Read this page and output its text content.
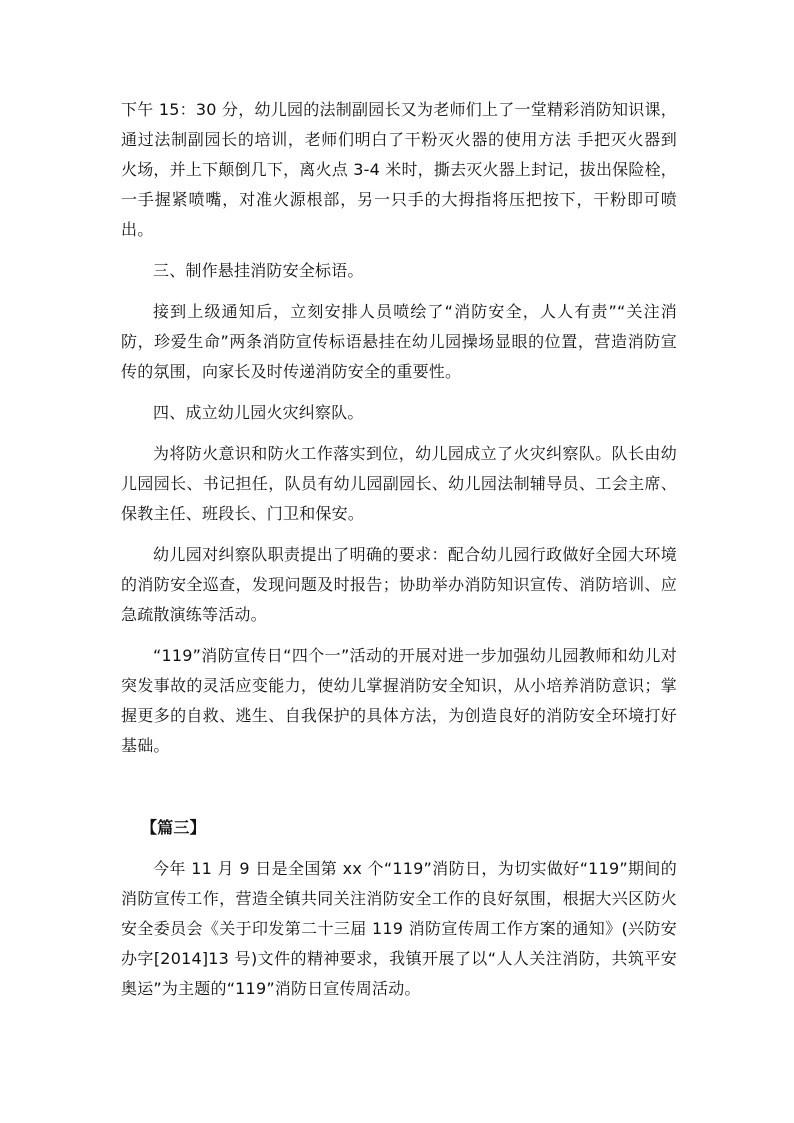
下午 15：30 分，幼儿园的法制副园长又为老师们上了一堂精彩消防知识课，通过法制副园长的培训，老师们明白了干粉灭火器的使用方法 手把灭火器到火场，并上下颠倒几下，离火点 3-4 米时，撕去灭火器上封记，拔出保险栓，一手握紧喷嘴，对准火源根部，另一只手的大拇指将压把按下，干粉即可喷出。

三、制作悬挂消防安全标语。

接到上级通知后，立刻安排人员喷绘了“消防安全，人人有责”“关注消防，珍爱生命”两条消防宣传标语悬挂在幼儿园操场显眼的位置，营造消防宣传的氛围，向家长及时传递消防安全的重要性。

四、成立幼儿园火灾纠察队。

为将防火意识和防火工作落实到位，幼儿园成立了火灾纠察队。队长由幼儿园园长、书记担任，队员有幼儿园副园长、幼儿园法制辅导员、工会主席、保教主任、班段长、门卫和保安。

幼儿园对纠察队职责提出了明确的要求：配合幼儿园行政做好全园大环境的消防安全巡查，发现问题及时报告；协助举办消防知识宣传、消防培训、应急疏散演练等活动。

“119”消防宣传日“四个一”活动的开展对进一步加强幼儿园教师和幼儿对突发事故的灵活应变能力，使幼儿掌握消防安全知识，从小培养消防意识；掌握更多的自救、逃生、自我保护的具体方法，为创造良好的消防安全环境打好基础。

【篇三】

今年 11 月 9 日是全国第 xx 个“119”消防日，为切实做好“119”期间的消防宣传工作，营造全镇共同关注消防安全工作的良好氛围，根据大兴区防火安全委员会《关于印发第二十三届 119 消防宣传周工作方案的通知》(兴防安办字[2014]13 号)文件的精神要求，我镇开展了以“人人关注消防，共筑平安奥运”为主题的“119”消防日宣传周活动。
